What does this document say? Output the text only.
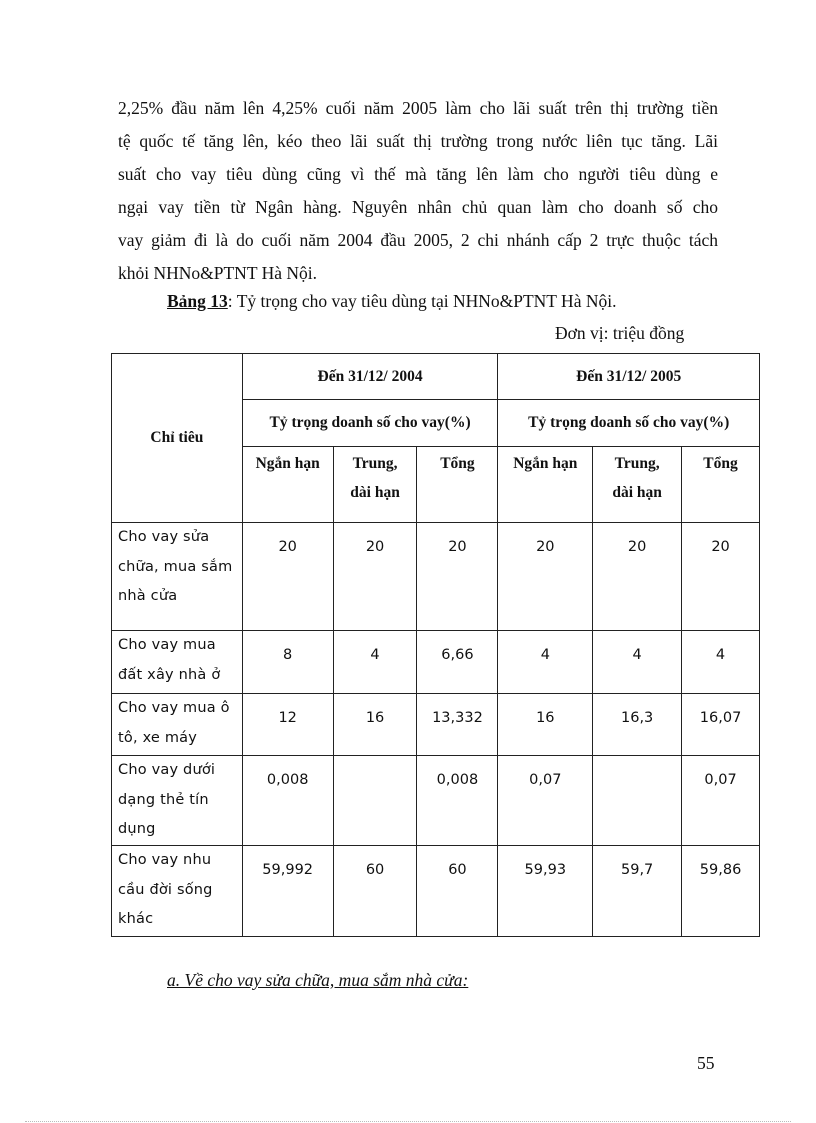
2,25% đầu năm lên 4,25% cuối năm 2005 làm cho lãi suất trên thị trường tiền
tệ quốc tế tăng lên, kéo theo lãi suất thị trường trong nước liên tục tăng. Lãi
suất cho vay tiêu dùng cũng vì thế mà tăng lên làm cho người tiêu dùng e
ngại vay tiền từ Ngân hàng. Nguyên nhân chủ quan làm cho doanh số cho
vay giảm đi là do cuối năm 2004 đầu 2005, 2 chi nhánh cấp 2 trực thuộc tách
khỏi NHNo&PTNT Hà Nội.
Bảng 13: Tỷ trọng cho vay tiêu dùng tại NHNo&PTNT Hà Nội.
Đơn vị: triệu đồng
Chỉ tiêu	Đến 31/12/ 2004			Đến 31/12/ 2005		
	Tỷ trọng doanh số cho vay(%)			Tỷ trọng doanh số cho vay(%)		
	Ngắn hạn	Trung,
dài hạn	Tổng	Ngắn hạn	Trung,
dài hạn	Tổng
Cho vay sửa
chữa, mua sắm
nhà cửa	20	20	20	20	20	20
Cho vay mua
đất xây nhà ở	8	4	6,66	4	4	4
Cho vay mua ô
tô, xe máy	12	16	13,332	16	16,3	16,07
Cho vay dưới
dạng thẻ tín
dụng	0,008		0,008	0,07		0,07
Cho vay nhu
cầu đời sống
khác	59,992	60	60	59,93	59,7	59,86
a. Về cho vay sửa chữa, mua sắm nhà cửa:
55
